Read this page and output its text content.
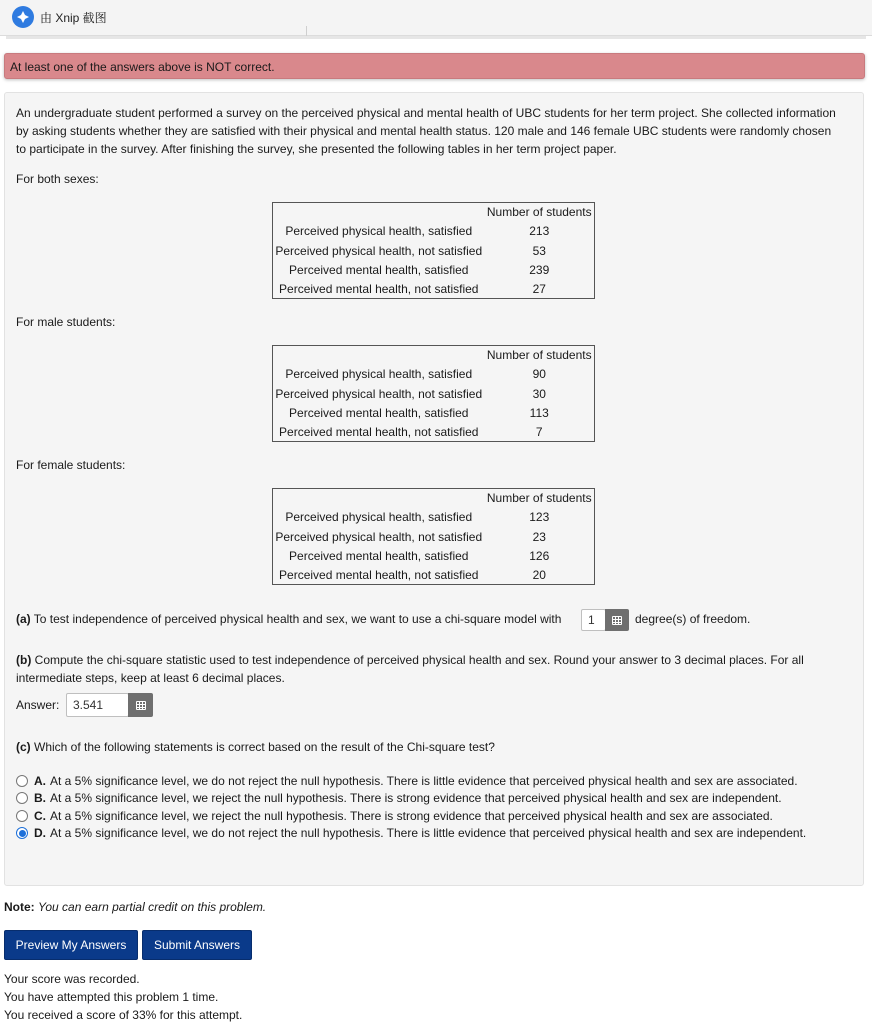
由 Xnip 截图
At least one of the answers above is NOT correct.
An undergraduate student performed a survey on the perceived physical and mental health of UBC students for her term project. She collected information by asking students whether they are satisfied with their physical and mental health status. 120 male and 146 female UBC students were randomly chosen to participate in the survey. After finishing the survey, she presented the following tables in her term project paper.
For both sexes:
	Number of students
Perceived physical health, satisfied	213
Perceived physical health, not satisfied	53
Perceived mental health, satisfied	239
Perceived mental health, not satisfied	27
For male students:
	Number of students
Perceived physical health, satisfied	90
Perceived physical health, not satisfied	30
Perceived mental health, satisfied	113
Perceived mental health, not satisfied	7
For female students:
	Number of students
Perceived physical health, satisfied	123
Perceived physical health, not satisfied	23
Perceived mental health, satisfied	126
Perceived mental health, not satisfied	20
(a) To test independence of perceived physical health and sex, we want to use a chi-square model with	1	degree(s) of freedom.
(b) Compute the chi-square statistic used to test independence of perceived physical health and sex. Round your answer to 3 decimal places. For all intermediate steps, keep at least 6 decimal places.
Answer:	3.541
(c) Which of the following statements is correct based on the result of the Chi-square test?
A. At a 5% significance level, we do not reject the null hypothesis. There is little evidence that perceived physical health and sex are associated.
B. At a 5% significance level, we reject the null hypothesis. There is strong evidence that perceived physical health and sex are independent.
C. At a 5% significance level, we reject the null hypothesis. There is strong evidence that perceived physical health and sex are associated.
D. At a 5% significance level, we do not reject the null hypothesis. There is little evidence that perceived physical health and sex are independent.
Note: You can earn partial credit on this problem.
Preview My Answers	Submit Answers
Your score was recorded.
You have attempted this problem 1 time.
You received a score of 33% for this attempt.
